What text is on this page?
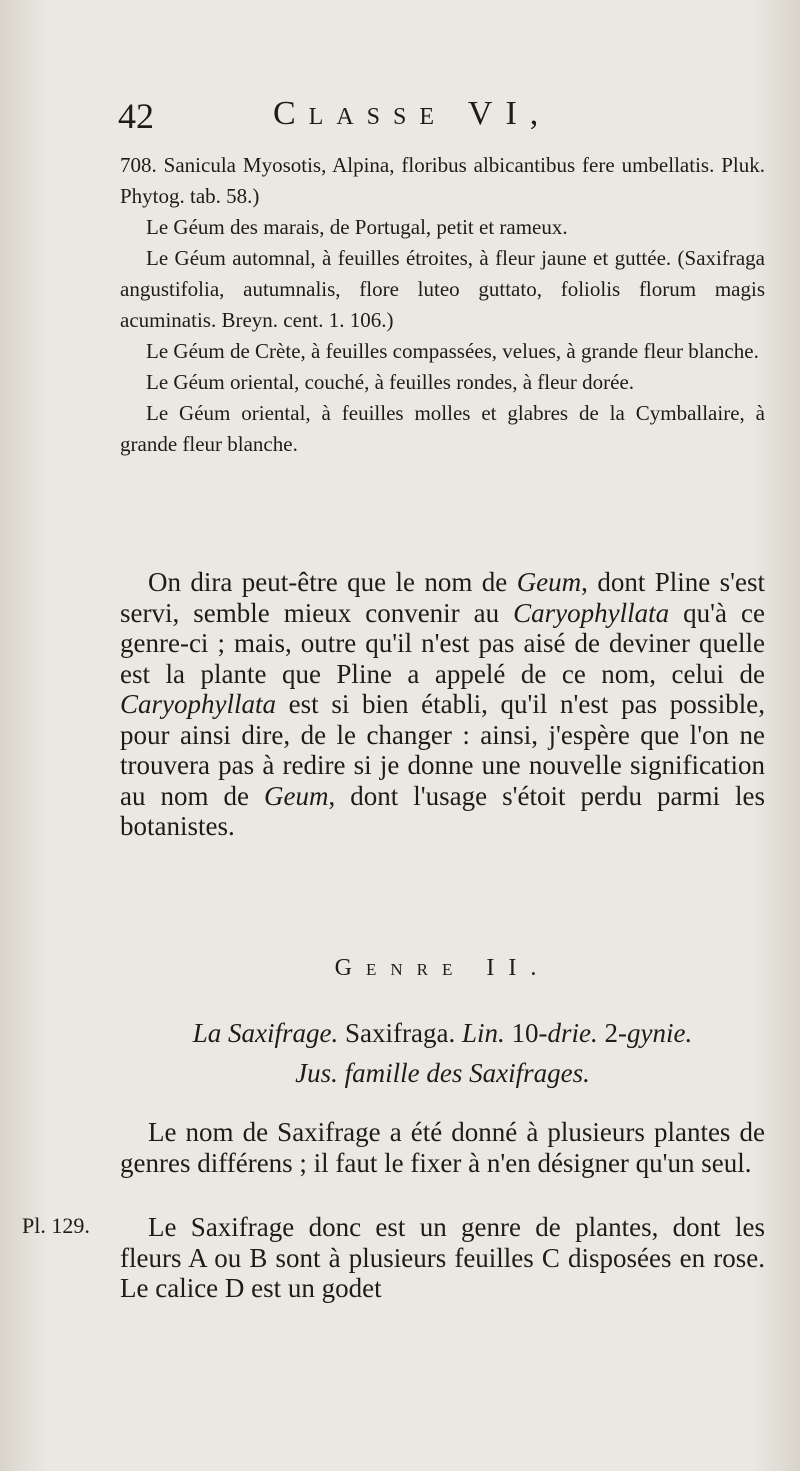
42	Classe VI,

708. Sanicula Myosotis, Alpina, floribus albicantibus fere umbellatis. Pluk. Phytog. tab. 58.)

Le Géum des marais, de Portugal, petit et rameux.

Le Géum automnal, à feuilles étroites, à fleur jaune et guttée. (Saxifraga angustifolia, autumnalis, flore luteo guttato, foliolis florum magis acuminatis. Breyn. cent. 1. 106.)

Le Géum de Crète, à feuilles compassées, velues, à grande fleur blanche.

Le Géum oriental, couché, à feuilles rondes, à fleur dorée.

Le Géum oriental, à feuilles molles et glabres de la Cymballaire, à grande fleur blanche.

On dira peut-être que le nom de Geum, dont Pline s'est servi, semble mieux convenir au Caryophyllata qu'à ce genre-ci ; mais, outre qu'il n'est pas aisé de deviner quelle est la plante que Pline a appelé de ce nom, celui de Caryophyllata est si bien établi, qu'il n'est pas possible, pour ainsi dire, de le changer : ainsi, j'espère que l'on ne trouvera pas à redire si je donne une nouvelle signification au nom de Geum, dont l'usage s'étoit perdu parmi les botanistes.

Genre II.
La Saxifrage. Saxifraga. Lin. 10-drie. 2-gynie.
Jus. famille des Saxifrages.

Le nom de Saxifrage a été donné à plusieurs plantes de genres différens ; il faut le fixer à n'en désigner qu'un seul.

Pl. 129.	Le Saxifrage donc est un genre de plantes, dont les fleurs A ou B sont à plusieurs feuilles C disposées en rose. Le calice D est un godet
